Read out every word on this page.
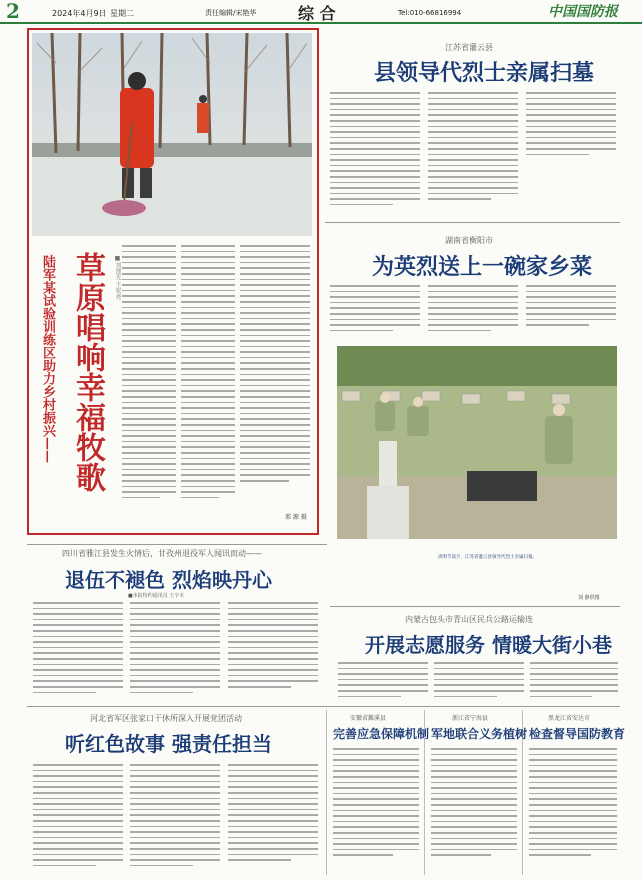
2	2024年4月9日 星期二	责任编辑/宋艳华	综 合	Tel:010-66816994	中国国防报
草原唱响幸福牧歌
陆军某试验训练区助力乡村振兴——	■刘建光 王宏亮
邢 源 摄
江苏省灌云县
县领导代烈士亲属扫墓
湖南省衡阳市
为英烈送上一碗家乡菜
清明节前夕，江苏省灌云县领导代烈士亲属扫墓。
刘 静供图
四川省雅江县发生火情后，甘孜州退役军人闻讯而动——
退伍不褪色 烈焰映丹心
■本报特约通讯员 王宇木
内蒙古包头市青山区民兵公路运输连
开展志愿服务 情暖大街小巷
河北省军区张家口干休所深入开展党团活动
听红色故事 强责任担当
安徽省濉溪县
完善应急保障机制
浙江省宁海县
军地联合义务植树
黑龙江省安达市
检查督导国防教育
